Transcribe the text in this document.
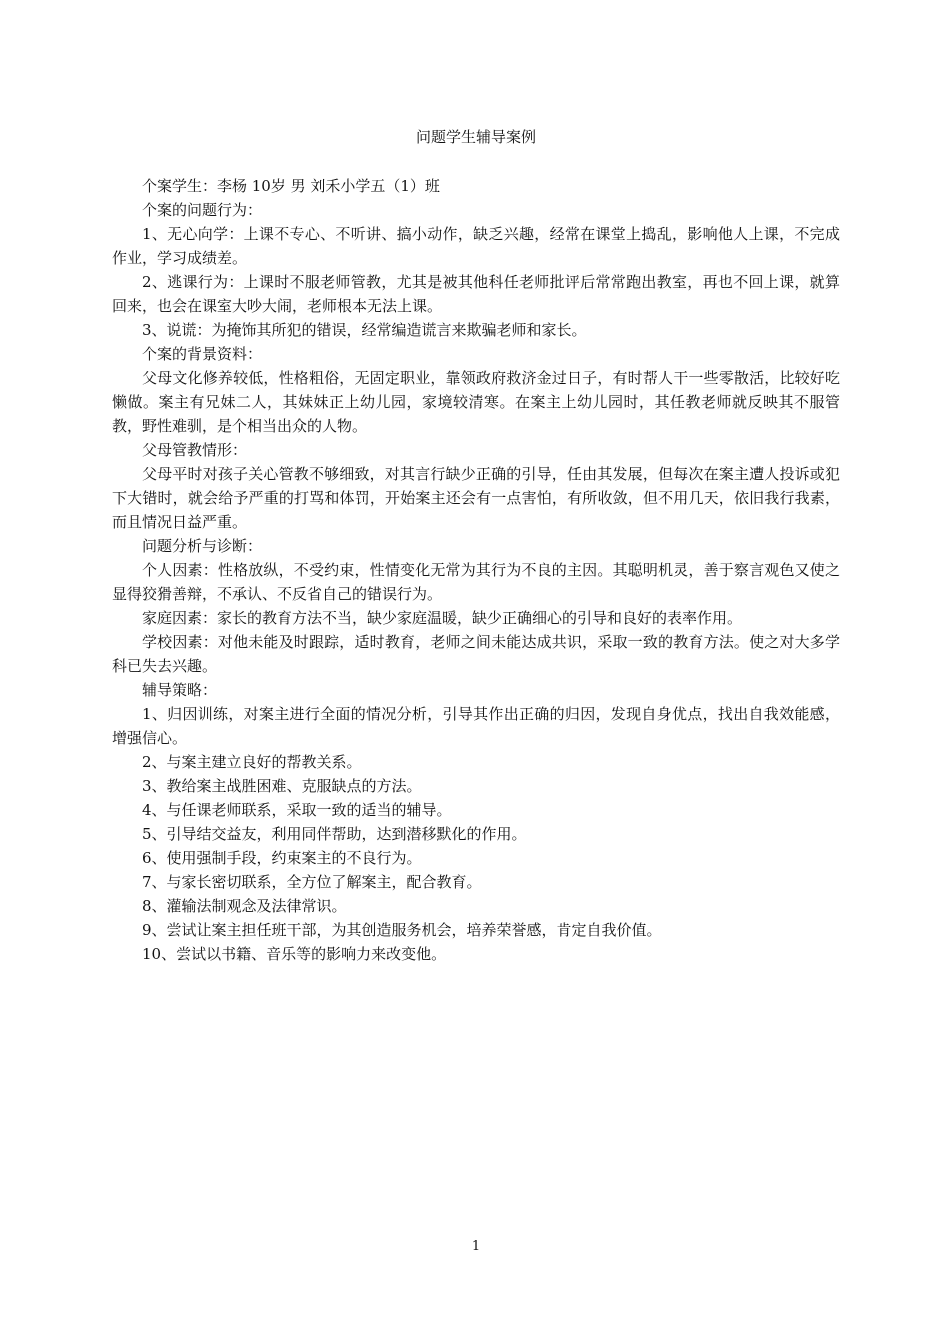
问题学生辅导案例

个案学生：李杨 10岁 男 刘禾小学五（1）班

个案的问题行为：

1、无心向学：上课不专心、不听讲、搞小动作，缺乏兴趣，经常在课堂上捣乱，影响他人上课，不完成作业，学习成绩差。

2、逃课行为：上课时不服老师管教，尤其是被其他科任老师批评后常常跑出教室，再也不回上课，就算回来，也会在课室大吵大闹，老师根本无法上课。

3、说谎：为掩饰其所犯的错误，经常编造谎言来欺骗老师和家长。

个案的背景资料：

父母文化修养较低，性格粗俗，无固定职业，靠领政府救济金过日子，有时帮人干一些零散活，比较好吃懒做。案主有兄妹二人，其妹妹正上幼儿园，家境较清寒。在案主上幼儿园时，其任教老师就反映其不服管教，野性难驯，是个相当出众的人物。

父母管教情形：

父母平时对孩子关心管教不够细致，对其言行缺少正确的引导，任由其发展，但每次在案主遭人投诉或犯下大错时，就会给予严重的打骂和体罚，开始案主还会有一点害怕，有所收敛，但不用几天，依旧我行我素，而且情况日益严重。

问题分析与诊断：

个人因素：性格放纵，不受约束，性情变化无常为其行为不良的主因。其聪明机灵，善于察言观色又使之显得狡猾善辩，不承认、不反省自己的错误行为。

家庭因素：家长的教育方法不当，缺少家庭温暖，缺少正确细心的引导和良好的表率作用。

学校因素：对他未能及时跟踪，适时教育，老师之间未能达成共识，采取一致的教育方法。使之对大多学科已失去兴趣。

辅导策略：

1、归因训练，对案主进行全面的情况分析，引导其作出正确的归因，发现自身优点，找出自我效能感，增强信心。

2、与案主建立良好的帮教关系。

3、教给案主战胜困难、克服缺点的方法。

4、与任课老师联系，采取一致的适当的辅导。

5、引导结交益友，利用同伴帮助，达到潜移默化的作用。

6、使用强制手段，约束案主的不良行为。

7、与家长密切联系，全方位了解案主，配合教育。

8、灌输法制观念及法律常识。

9、尝试让案主担任班干部，为其创造服务机会，培养荣誉感，肯定自我价值。

10、尝试以书籍、音乐等的影响力来改变他。

1
